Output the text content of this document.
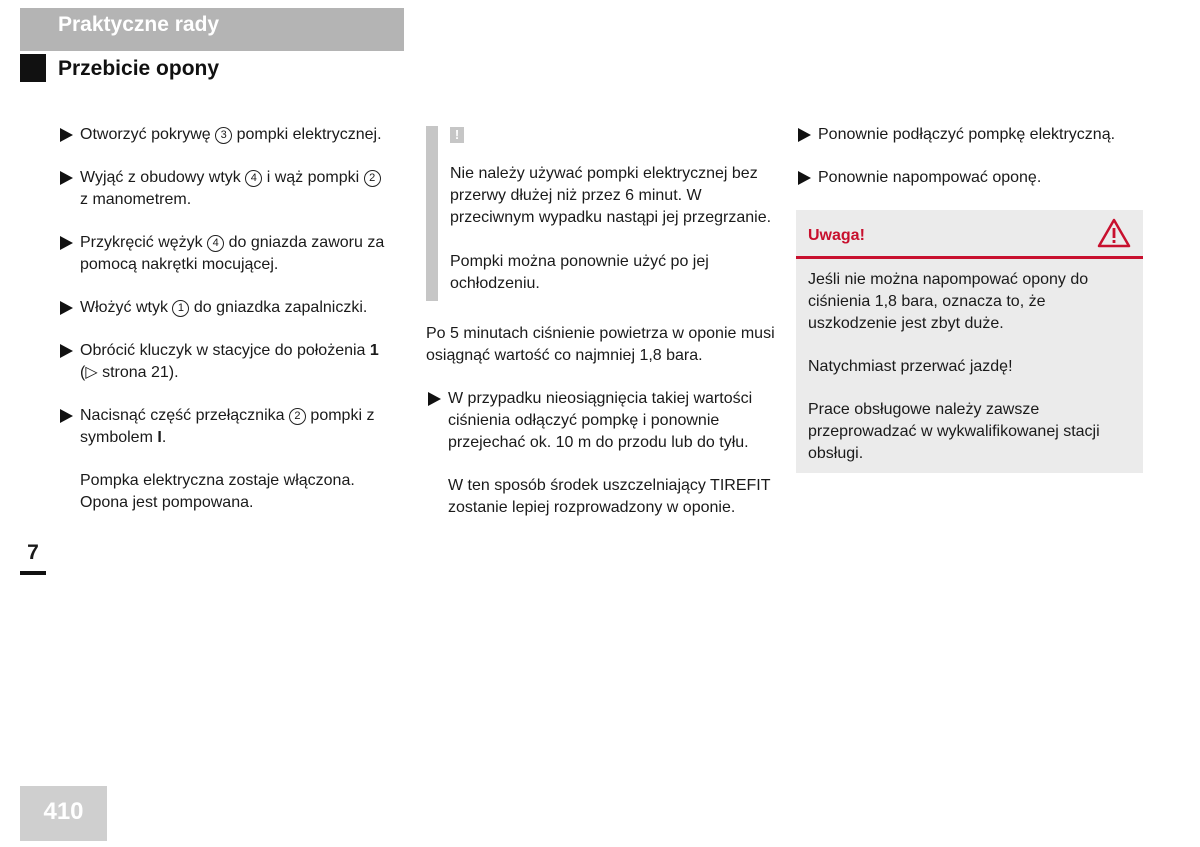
Praktyczne rady
Przebicie opony
Otworzyć pokrywę 3 pompki elektrycznej.
Wyjąć z obudowy wtyk 4 i wąż pompki 2
z manometrem.
Przykręcić wężyk 4 do gniazda zaworu za pomocą nakrętki mocującej.
Włożyć wtyk 1 do gniazdka zapalniczki.
Obrócić kluczyk w stacyjce do położenia 1
(▷ strona 21).
Nacisnąć część przełącznika 2 pompki z symbolem I.
Pompka elektryczna zostaje włączona. Opona jest pompowana.
!
Nie należy używać pompki elektrycznej bez przerwy dłużej niż przez 6 minut. W przeciwnym wypadku nastąpi jej przegrzanie.
Pompki można ponownie użyć po jej ochłodzeniu.
Po 5 minutach ciśnienie powietrza w oponie musi osiągnąć wartość co najmniej 1,8 bara.
W przypadku nieosiągnięcia takiej wartości ciśnienia odłączyć pompkę i ponownie przejechać ok. 10 m do przodu lub do tyłu.
W ten sposób środek uszczelniający TIREFIT zostanie lepiej rozprowadzony w oponie.
Ponownie podłączyć pompkę elektryczną.
Ponownie napompować oponę.
Uwaga!

Jeśli nie można napompować opony do ciśnienia 1,8 bara, oznacza to, że uszkodzenie jest zbyt duże.

Natychmiast przerwać jazdę!

Prace obsługowe należy zawsze przeprowadzać w wykwalifikowanej stacji obsługi.

7
410
